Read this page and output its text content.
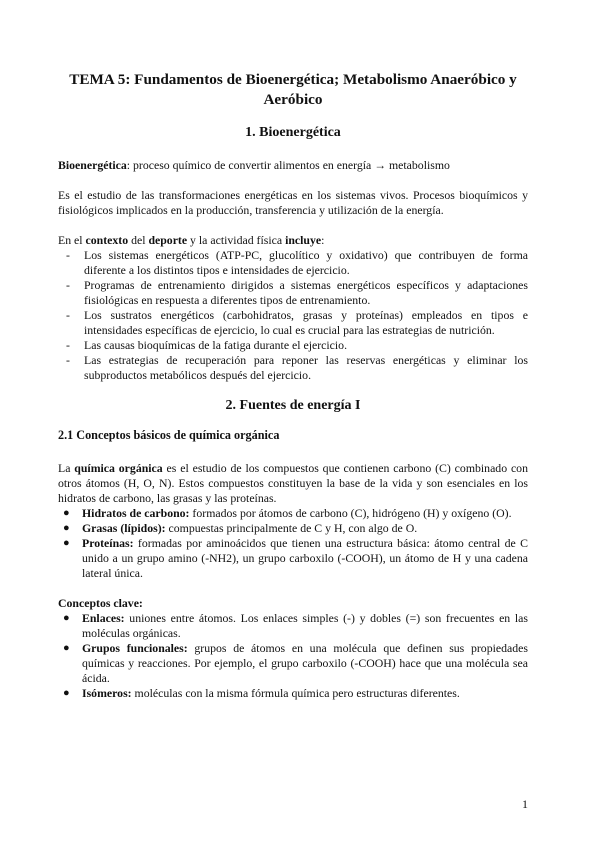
TEMA 5: Fundamentos de Bioenergética; Metabolismo Anaeróbico y Aeróbico
1. Bioenergética

Bioenergética: proceso químico de convertir alimentos en energía → metabolismo

Es el estudio de las transformaciones energéticas en los sistemas vivos. Procesos bioquímicos y fisiológicos implicados en la producción, transferencia y utilización de la energía.

En el contexto del deporte y la actividad física incluye:

- Los sistemas energéticos (ATP-PC, glucolítico y oxidativo) que contribuyen de forma diferente a los distintos tipos e intensidades de ejercicio.
- Programas de entrenamiento dirigidos a sistemas energéticos específicos y adaptaciones fisiológicas en respuesta a diferentes tipos de entrenamiento.
- Los sustratos energéticos (carbohidratos, grasas y proteínas) empleados en tipos e intensidades específicas de ejercicio, lo cual es crucial para las estrategias de nutrición.
- Las causas bioquímicas de la fatiga durante el ejercicio.
- Las estrategias de recuperación para reponer las reservas energéticas y eliminar los subproductos metabólicos después del ejercicio.
2. Fuentes de energía I
2.1 Conceptos básicos de química orgánica

La química orgánica es el estudio de los compuestos que contienen carbono (C) combinado con otros átomos (H, O, N). Estos compuestos constituyen la base de la vida y son esenciales en los hidratos de carbono, las grasas y las proteínas.

● Hidratos de carbono: formados por átomos de carbono (C), hidrógeno (H) y oxígeno (O).
● Grasas (lípidos): compuestas principalmente de C y H, con algo de O.
● Proteínas: formadas por aminoácidos que tienen una estructura básica: átomo central de C unido a un grupo amino (-NH2), un grupo carboxilo (-COOH), un átomo de H y una cadena lateral única.

Conceptos clave:

● Enlaces: uniones entre átomos. Los enlaces simples (-) y dobles (=) son frecuentes en las moléculas orgánicas.
● Grupos funcionales: grupos de átomos en una molécula que definen sus propiedades químicas y reacciones. Por ejemplo, el grupo carboxilo (-COOH) hace que una molécula sea ácida.
● Isómeros: moléculas con la misma fórmula química pero estructuras diferentes.
1
